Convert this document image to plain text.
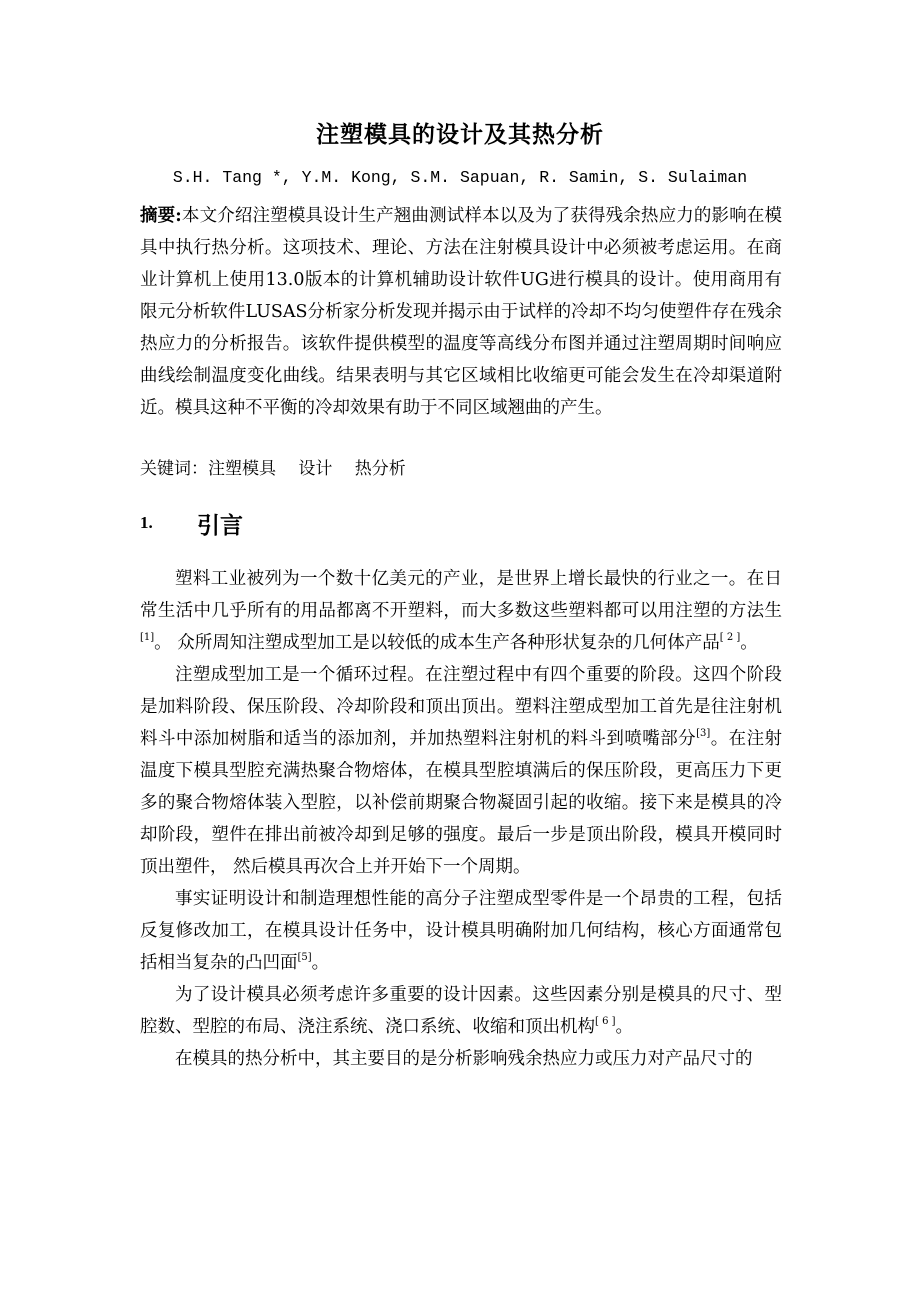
注塑模具的设计及其热分析
S.H. Tang *, Y.M. Kong, S.M. Sapuan, R. Samin, S. Sulaiman
摘要:本文介绍注塑模具设计生产翘曲测试样本以及为了获得残余热应力的影响在模具中执行热分析。这项技术、理论、方法在注射模具设计中必须被考虑运用。在商业计算机上使用13.0版本的计算机辅助设计软件UG进行模具的设计。使用商用有限元分析软件LUSAS分析家分析发现并揭示由于试样的冷却不均匀使塑件存在残余热应力的分析报告。该软件提供模型的温度等高线分布图并通过注塑周期时间响应曲线绘制温度变化曲线。结果表明与其它区域相比收缩更可能会发生在冷却渠道附近。模具这种不平衡的冷却效果有助于不同区域翘曲的产生。
关键词：注塑模具　 设计　 热分析
1. 引言

塑料工业被列为一个数十亿美元的产业，是世界上增长最快的行业之一。在日常生活中几乎所有的用品都离不开塑料，而大多数这些塑料都可以用注塑的方法生[1]。 众所周知注塑成型加工是以较低的成本生产各种形状复杂的几何体产品[ 2 ]。

注塑成型加工是一个循环过程。在注塑过程中有四个重要的阶段。这四个阶段是加料阶段、保压阶段、冷却阶段和顶出顶出。塑料注塑成型加工首先是往注射机料斗中添加树脂和适当的添加剂，并加热塑料注射机的料斗到喷嘴部分[3]。在注射温度下模具型腔充满热聚合物熔体，在模具型腔填满后的保压阶段，更高压力下更多的聚合物熔体装入型腔，以补偿前期聚合物凝固引起的收缩。接下来是模具的冷却阶段，塑件在排出前被冷却到足够的强度。最后一步是顶出阶段，模具开模同时顶出塑件， 然后模具再次合上并开始下一个周期。

事实证明设计和制造理想性能的高分子注塑成型零件是一个昂贵的工程，包括反复修改加工，在模具设计任务中，设计模具明确附加几何结构，核心方面通常包括相当复杂的凸凹面[5]。

为了设计模具必须考虑许多重要的设计因素。这些因素分别是模具的尺寸、型腔数、型腔的布局、浇注系统、浇口系统、收缩和顶出机构[ 6 ]。

在模具的热分析中，其主要目的是分析影响残余热应力或压力对产品尺寸的
